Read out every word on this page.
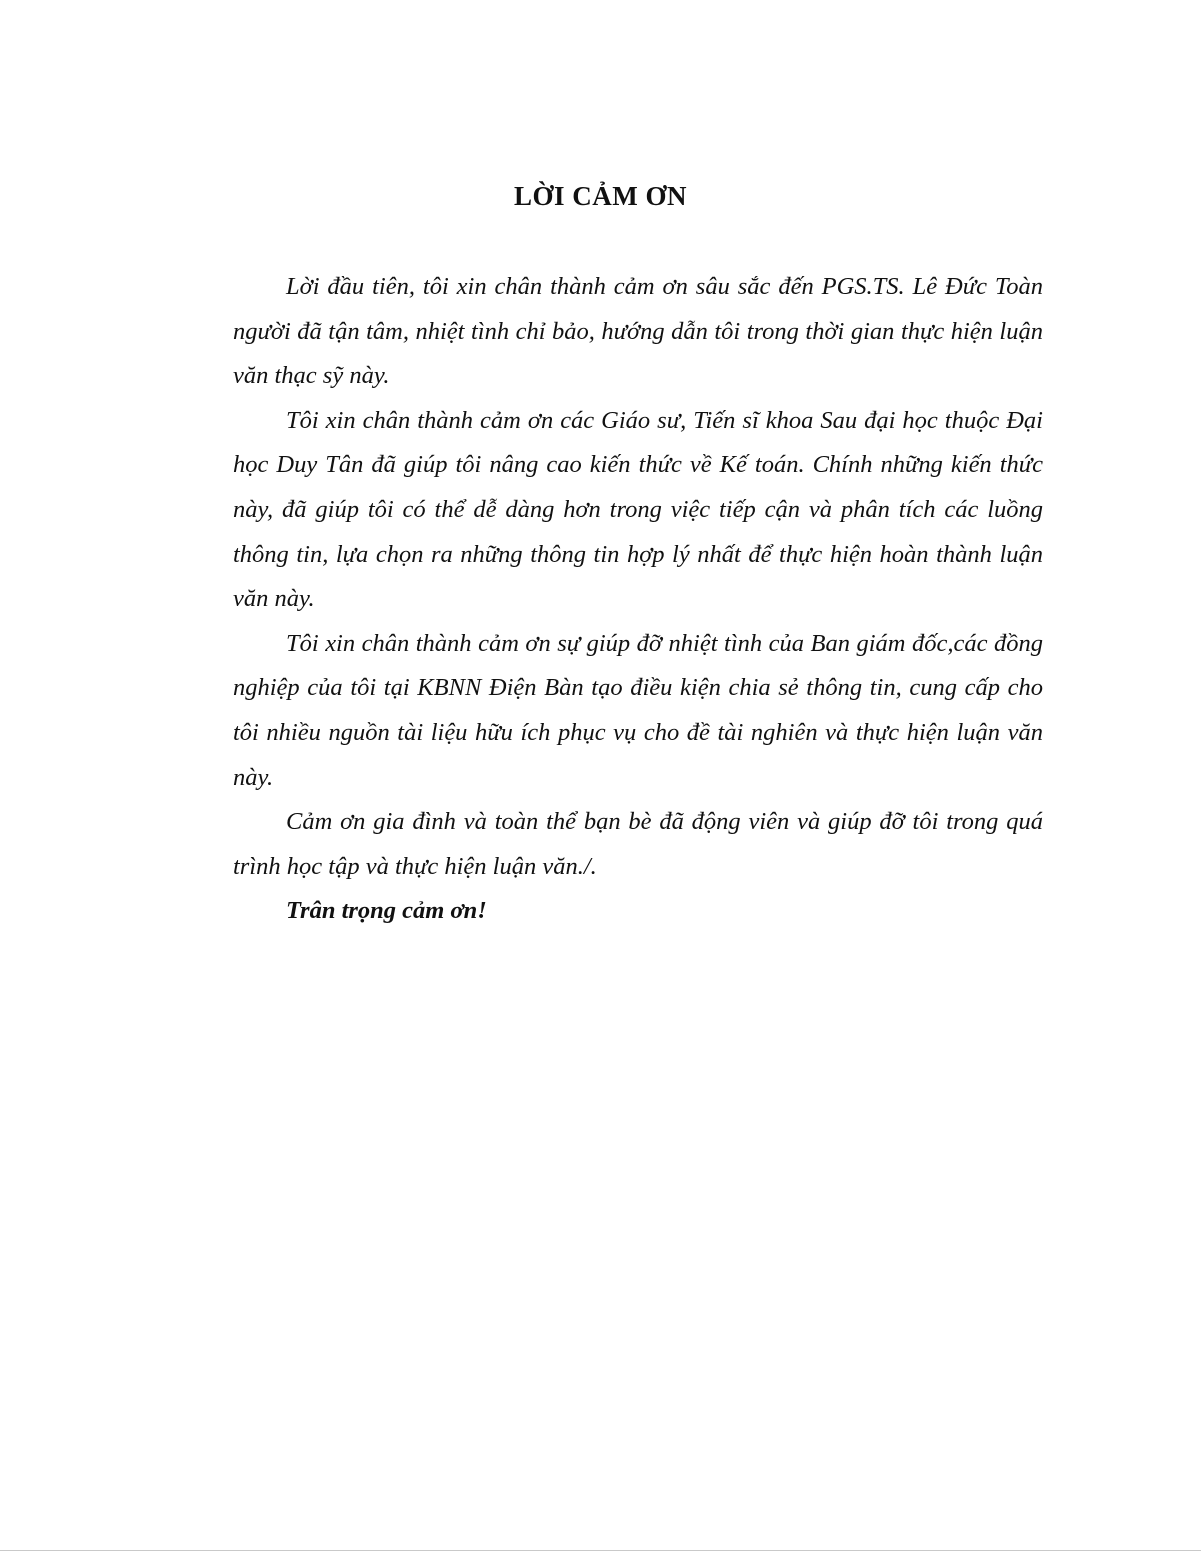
LỜI CẢM ƠN

Lời đầu tiên, tôi xin chân thành cảm ơn sâu sắc đến PGS.TS. Lê Đức Toàn người đã tận tâm, nhiệt tình chỉ bảo, hướng dẫn tôi trong thời gian thực hiện luận văn thạc sỹ này.

Tôi xin chân thành cảm ơn các Giáo sư, Tiến sĩ khoa Sau đại học thuộc Đại học Duy Tân đã giúp tôi nâng cao kiến thức về Kế toán. Chính những kiến thức này, đã giúp tôi có thể dễ dàng hơn trong việc tiếp cận và phân tích các luồng thông tin, lựa chọn ra những thông tin hợp lý nhất để thực hiện hoàn thành luận văn này.

Tôi xin chân thành cảm ơn sự giúp đỡ nhiệt tình của Ban giám đốc,các đồng nghiệp của tôi tại KBNN Điện Bàn tạo điều kiện chia sẻ thông tin, cung cấp cho tôi nhiều nguồn tài liệu hữu ích phục vụ cho đề tài nghiên và thực hiện luận văn này.

Cảm ơn gia đình và toàn thể bạn bè đã động viên và giúp đỡ tôi trong quá trình học tập và thực hiện luận văn./.

Trân trọng cảm ơn!
